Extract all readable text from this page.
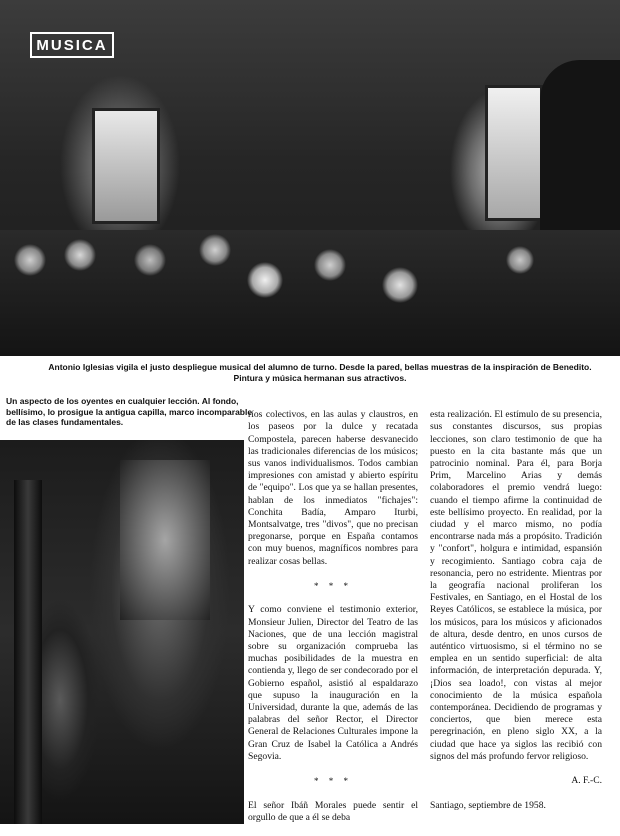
MUSICA
Antonio Iglesias vigila el justo despliegue musical del alumno de turno. Desde la pared, bellas muestras de la inspiración de Benedito. Pintura y música hermanan sus atractivos.
Un aspecto de los oyentes en cualquier lección. Al fondo, bellísimo, lo prosigue la antigua capilla, marco incomparable de las clases fundamentales.

ríos colectivos, en las aulas y claustros, en los paseos por la dulce y recatada Compostela, parecen haberse desvanecido las tradicionales diferencias de los músicos; sus vanos individualismos. Todos cambian impresiones con amistad y abierto espíritu de "equipo". Los que ya se hallan presentes, hablan de los inmediatos "fichajes": Conchita Badía, Amparo Iturbi, Montsalvatge, tres "divos", que no precisan pregonarse, porque en España contamos con muy buenos, magníficos nombres para realizar cosas bellas.

* * *

Y como conviene el testimonio exterior, Monsieur Julien, Director del Teatro de las Naciones, que de una lección magistral sobre su organización comprueba las muchas posibilidades de la muestra en contienda y, llego de ser condecorado por el Gobierno español, asistió al espaldarazo que supuso la inauguración en la Universidad, durante la que, además de las palabras del señor Rector, el Director General de Relaciones Culturales impone la Gran Cruz de Isabel la Católica a Andrés Segovia.

* * *

El señor Ibáñ Morales puede sentir el orgullo de que a él se deba

esta realización. El estímulo de su presencia, sus constantes discursos, sus propias lecciones, son claro testimonio de que ha puesto en la cita bastante más que un patrocinio nominal. Para él, para Borja Prim, Marcelino Arias y demás colaboradores el premio vendrá luego: cuando el tiempo afirme la continuidad de este bellísimo proyecto. En realidad, por la ciudad y el marco mismo, no podía encontrarse nada más a propósito. Tradición y "confort", holgura e intimidad, espansión y recogimiento. Santiago cobra caja de resonancia, pero no estridente. Mientras por la geografía nacional proliferan los Festivales, en Santiago, en el Hostal de los Reyes Católicos, se establece la música, por los músicos, para los músicos y aficionados de altura, desde dentro, en unos cursos de auténtico virtuosismo, si el término no se emplea en un sentido superficial: de alta información, de interpretación depurada. Y, ¡Dios sea loado!, con vistas al mejor conocimiento de la música española contemporánea. Decidiendo de programas y conciertos, que bien merece esta peregrinación, en pleno siglo XX, a la ciudad que hace ya siglos las recibió con signos del más profundo fervor religioso.

A. F.-C.

Santiago, septiembre de 1958.
